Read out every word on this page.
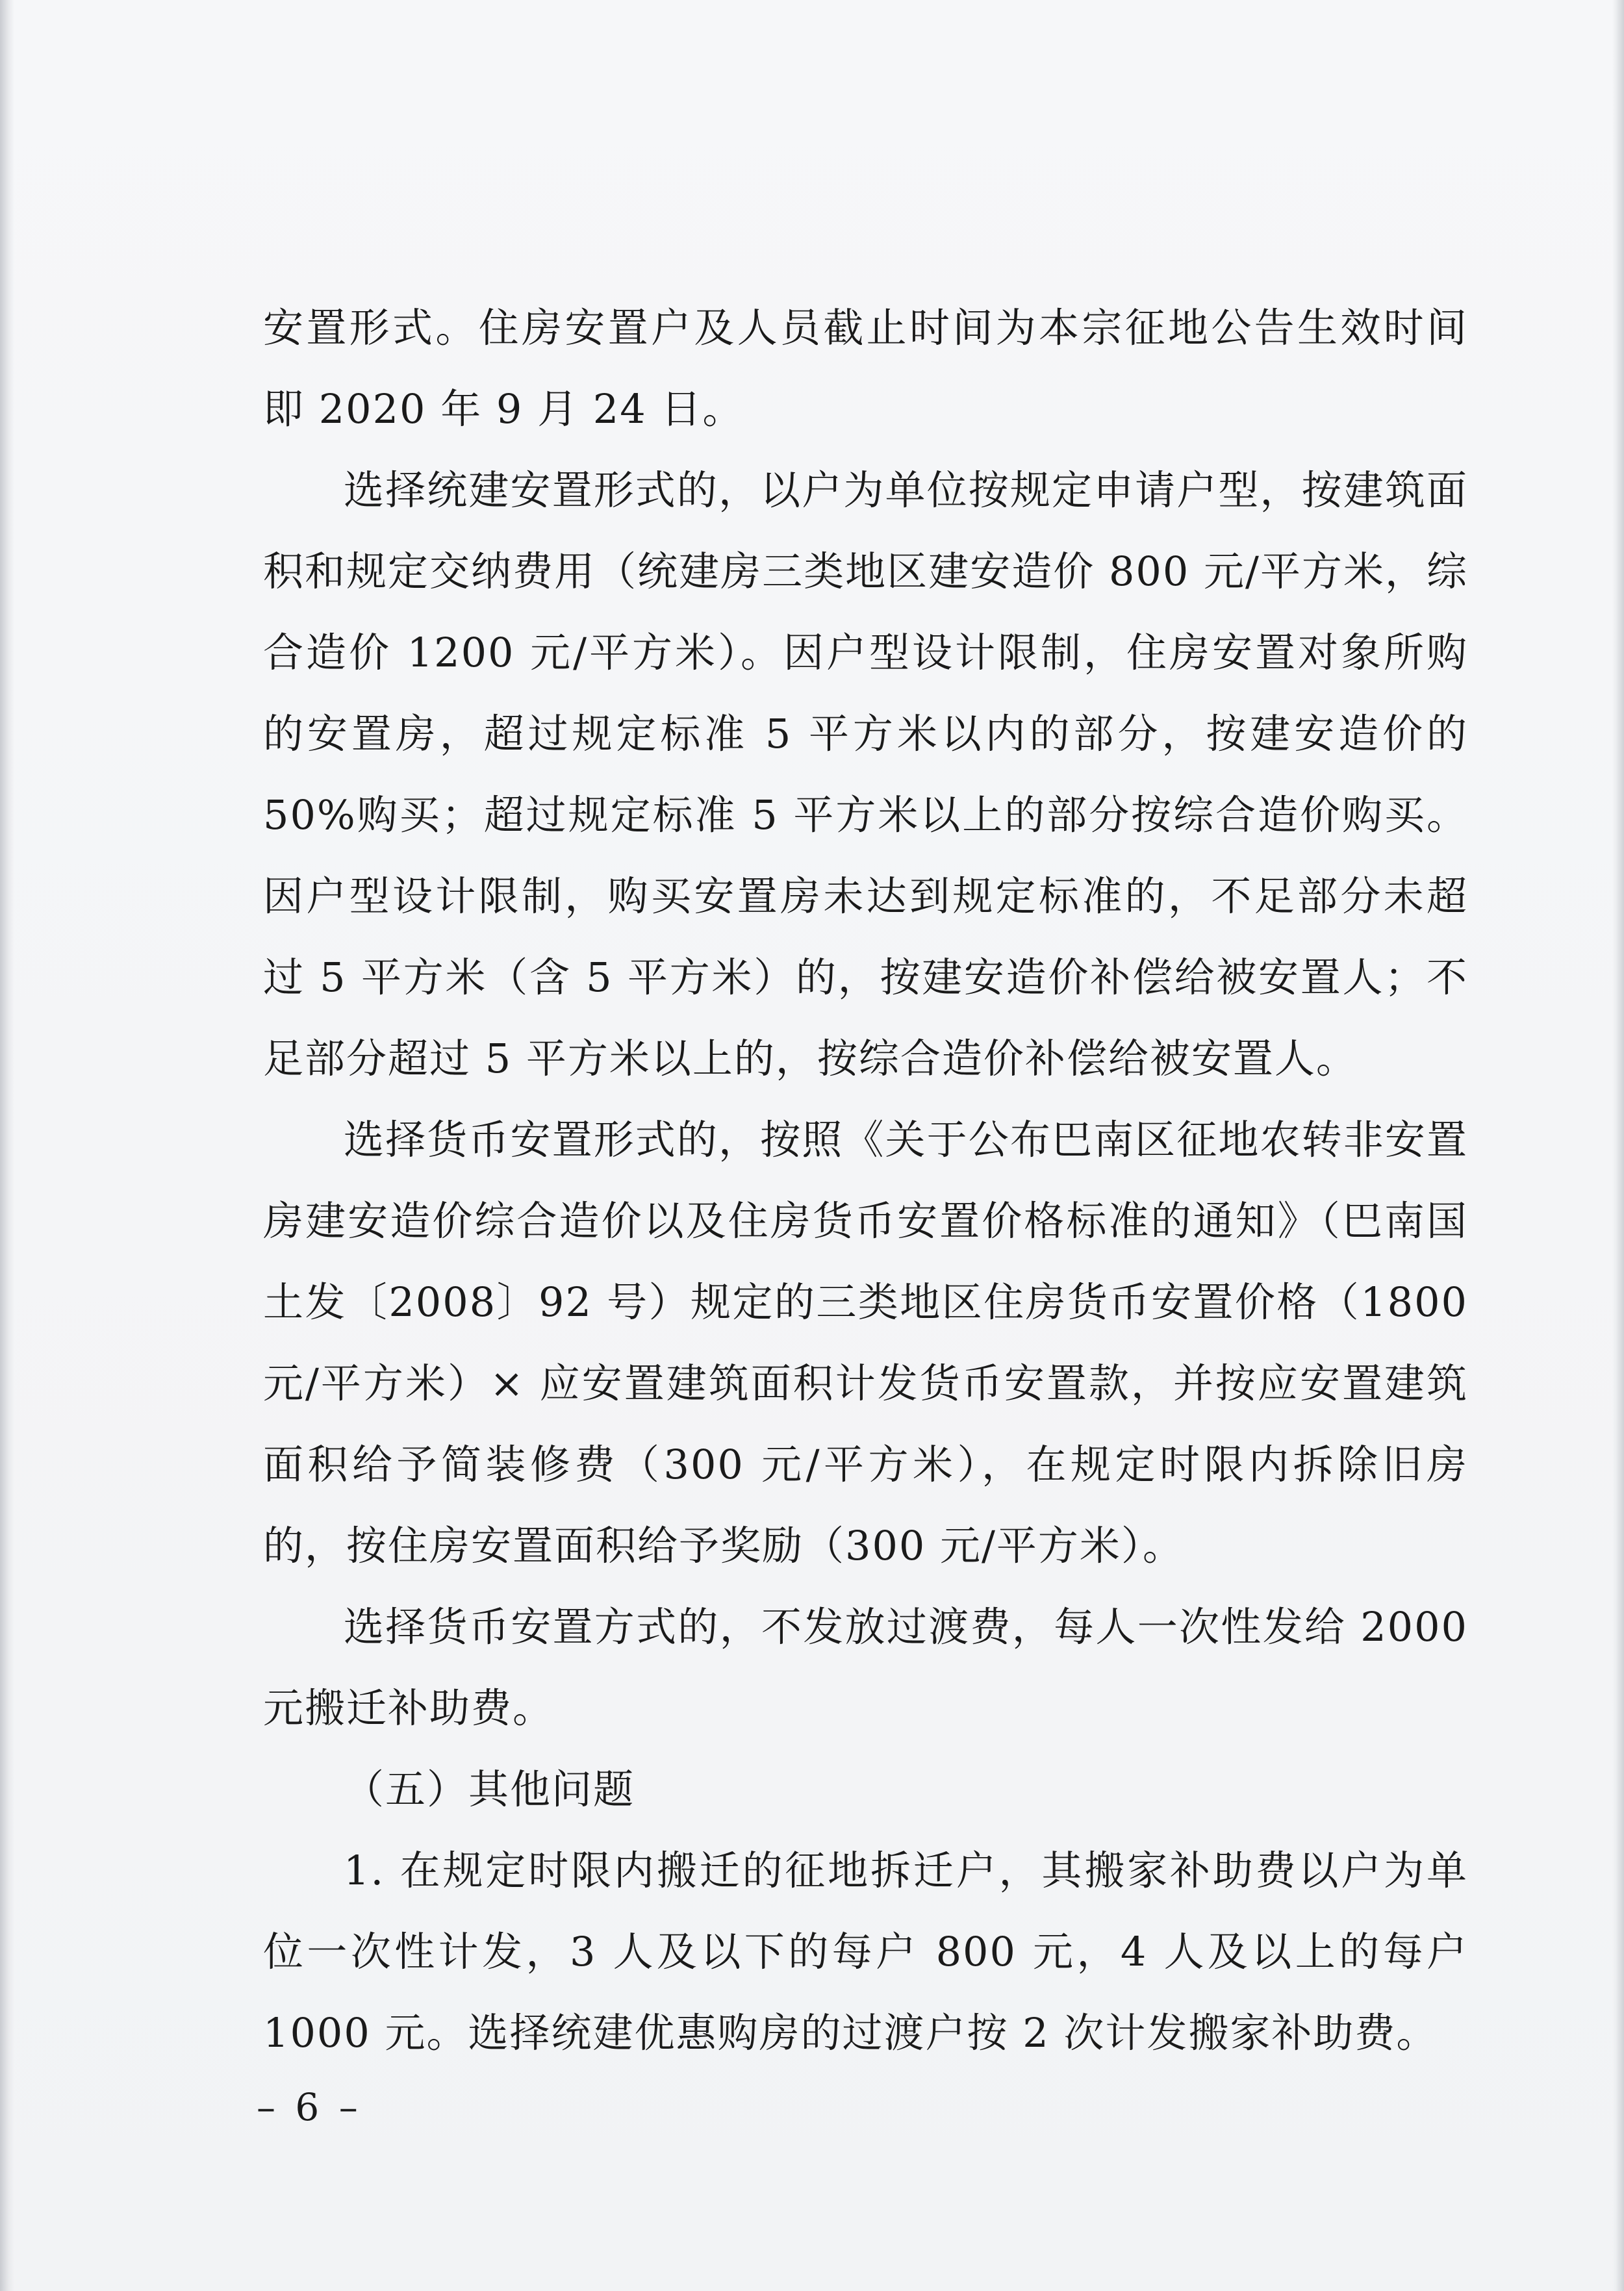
安置形式。住房安置户及人员截止时间为本宗征地公告生效时间即 2020 年 9 月 24 日。

选择统建安置形式的，以户为单位按规定申请户型，按建筑面积和规定交纳费用（统建房三类地区建安造价 800 元/平方米，综合造价 1200 元/平方米）。因户型设计限制，住房安置对象所购的安置房，超过规定标准 5 平方米以内的部分，按建安造价的 50%购买；超过规定标准 5 平方米以上的部分按综合造价购买。因户型设计限制，购买安置房未达到规定标准的，不足部分未超过 5 平方米（含 5 平方米）的，按建安造价补偿给被安置人；不足部分超过 5 平方米以上的，按综合造价补偿给被安置人。

选择货币安置形式的，按照《关于公布巴南区征地农转非安置房建安造价综合造价以及住房货币安置价格标准的通知》（巴南国土发〔2008〕92 号）规定的三类地区住房货币安置价格（1800 元/平方米）× 应安置建筑面积计发货币安置款，并按应安置建筑面积给予简装修费（300 元/平方米），在规定时限内拆除旧房的，按住房安置面积给予奖励（300 元/平方米）。

选择货币安置方式的，不发放过渡费，每人一次性发给 2000 元搬迁补助费。

（五）其他问题

1. 在规定时限内搬迁的征地拆迁户，其搬家补助费以户为单位一次性计发，3 人及以下的每户 800 元，4 人及以上的每户 1000 元。选择统建优惠购房的过渡户按 2 次计发搬家补助费。

– 6 –
